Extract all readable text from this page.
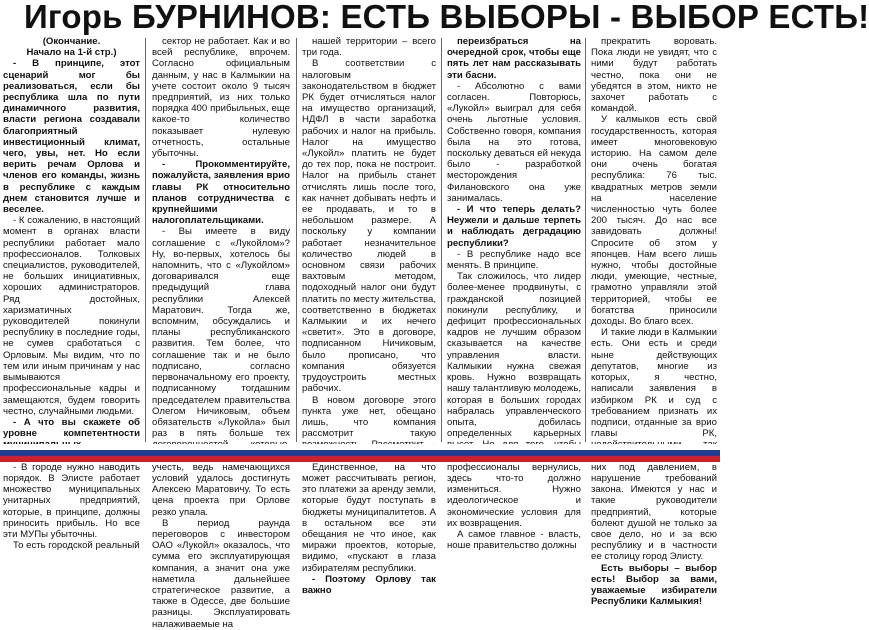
Игорь БУРНИНОВ: ЕСТЬ ВЫБОРЫ - ВЫБОР ЕСТЬ!

(Окончание.

Начало на 1-й стр.)

- В принципе, этот сценарий мог бы реализоваться, если бы республика шла по пути динамичного развития, власти региона создавали благоприятный инвестиционный климат, чего, увы, нет. Но если верить речам Орлова и членов его команды, жизнь в республике с каждым днем становится лучше и веселее.

- К сожалению, в настоящий момент в органах власти республики работает мало профессионалов. Толковых специалистов, руководителей, не больших инициативных, хороших администраторов. Ряд достойных, харизматичных руководителей покинули республику в последние годы, не сумев сработаться с Орловым. Мы видим, что по тем или иным причинам у нас вымываются профессиональные кадры и замещаются, будем говорить честно, случайными людьми.

- А что вы скажете об уровне компетентности

- В городе нужно наводить порядок. В Элисте работает множество муниципальных унитарных предприятий, которые, в принципе, должны приносить прибыль. Но все эти МУПы убыточны.

То есть городской реальный

сектор не работает. Как и во всей республике, впрочем. Согласно официальным данным, у нас в Калмыкии на учете состоит около 9 тысяч предприятий, из них только порядка 400 прибыльных, еще какое-то количество показывает нулевую отчетность, остальные убыточны.

- Прокомментируйте, пожалуйста, заявления врио главы РК относительно планов сотрудничества с крупнейшими налогоплательщиками.

- Вы имеете в виду соглашение с «Лукойлом»? Ну, во-первых, хотелось бы напомнить, что с «Лукойлом» договаривался еще предыдущий глава республики Алексей Маратович. Тогда же, вспомним, обсуждались и планы республиканского развития. Тем более, что соглашение так и не было подписано, согласно первоначальному его проекту, подписанному тогдашним председателем правительства Олегом Ничиковым, объем обязательств «Лукойла» был раз в пять больше тех учесть, ведь намечающихся условий удалось достигнуть Алексею Маратовичу. То есть цена проекта при Орлове резко упала.

В период раунда переговоров с инвестором ОАО «Лукойл» оказалось, что сумма его эксплуатирующая компания, а значит она уже наметила дальнейшее стратегическое развитие, а также в Одессе, две большие разницы. Эксплуатировать налаживаемые на

нашей территории – всего три года.

В соответствии с налоговым законодательством в бюджет РК будет отчисляться налог на имущество организаций, НДФЛ в части заработка рабочих и налог на прибыль. Налог на имущество «Лукойл» платить не будет до тех пор, пока не построит. Налог на прибыль станет отчислять лишь после того, как начнет добывать нефть и ее продавать, и то в небольшом размере. А поскольку у компании работает незначительное количество людей в основном связи рабочих вахтовым методом, подоходный налог они будут платить по месту жительства, соответственно в бюджетах Калмыкии и их нечего «светит». Это в договоре, подписанном Ничиковым, было прописано, что компания обязуется трудоустроить местных рабочих.

В новом договоре этого пункта уже нет, обещано лишь, что компания рассмотрит такую

Единственное, на что может рассчитывать регион, это платежи за аренду земли, которые будут поступать в бюджеты муниципалитетов. А в остальном все эти обещания не что иное, как миражи проектов, которые, видимо, «пускают в глаза избирателям республики.

- Поэтому Орлову так важно

переизбраться на очередной срок, чтобы еще пять лет нам рассказывать эти басни.

- Абсолютно с вами согласен. Повторюсь, «Лукойл» выиграл для себя очень льготные условия. Собственно говоря, компания была на это готова, поскольку деваться ей некуда было - разработкой месторождения Филановского она уже занималась.

- И что теперь делать? Неужели и дальше терпеть и наблюдать деградацию республики?

- В республике надо все менять. В принципе.

Так сложилось, что лидер более-менее продвинуты, с гражданской позицией покинули республику, и дефицит профессиональных кадров не лучшим образом сказывается на качестве управления власти. Калмыкии нужна свежая кровь. Нужно возвращать нашу талантливую молодежь, которая в больших городах набралась управленческого опыта, добилась определенных карьерных профессионалы вернулись, здесь что-то должно измениться. Нужно идеологическое и экономические условия для их возвращения.

А самое главное - власть, ноше правительство должны

прекратить воровать. Пока люди не увидят, что с ними будут работать честно, пока они не убедятся в этом, никто не захочет работать с командой.

У калмыков есть свой государственность, которая имеет многовековую историю. На самом деле они очень богатая республика: 76 тыс. квадратных метров земли на население численностью чуть более 200 тысяч. До нас все завидовать должны! Спросите об этом у японцев. Нам всего лишь нужно, чтобы достойные люди, умеющие, честные, грамотно управляли этой территорией, чтобы ее богатства приносили доходы. Во благо всех.

И такие люди в Калмыкии есть. Они есть и среди ныне действующих депутатов, многие из которых, я честно, написали заявления в избирком РК и суд с требованием признать их подписи, отданные за врио главы РК, них под давлением, в нарушение требований закона. Имеются у нас и такие руководители предприятий, которые болеют душой не только за свое дело, но и за всю республику и в частности ее столицу город Элисту.

Есть выборы – выбор есть! Выбор за вами, уважаемые избиратели Республики Калмыкия!
